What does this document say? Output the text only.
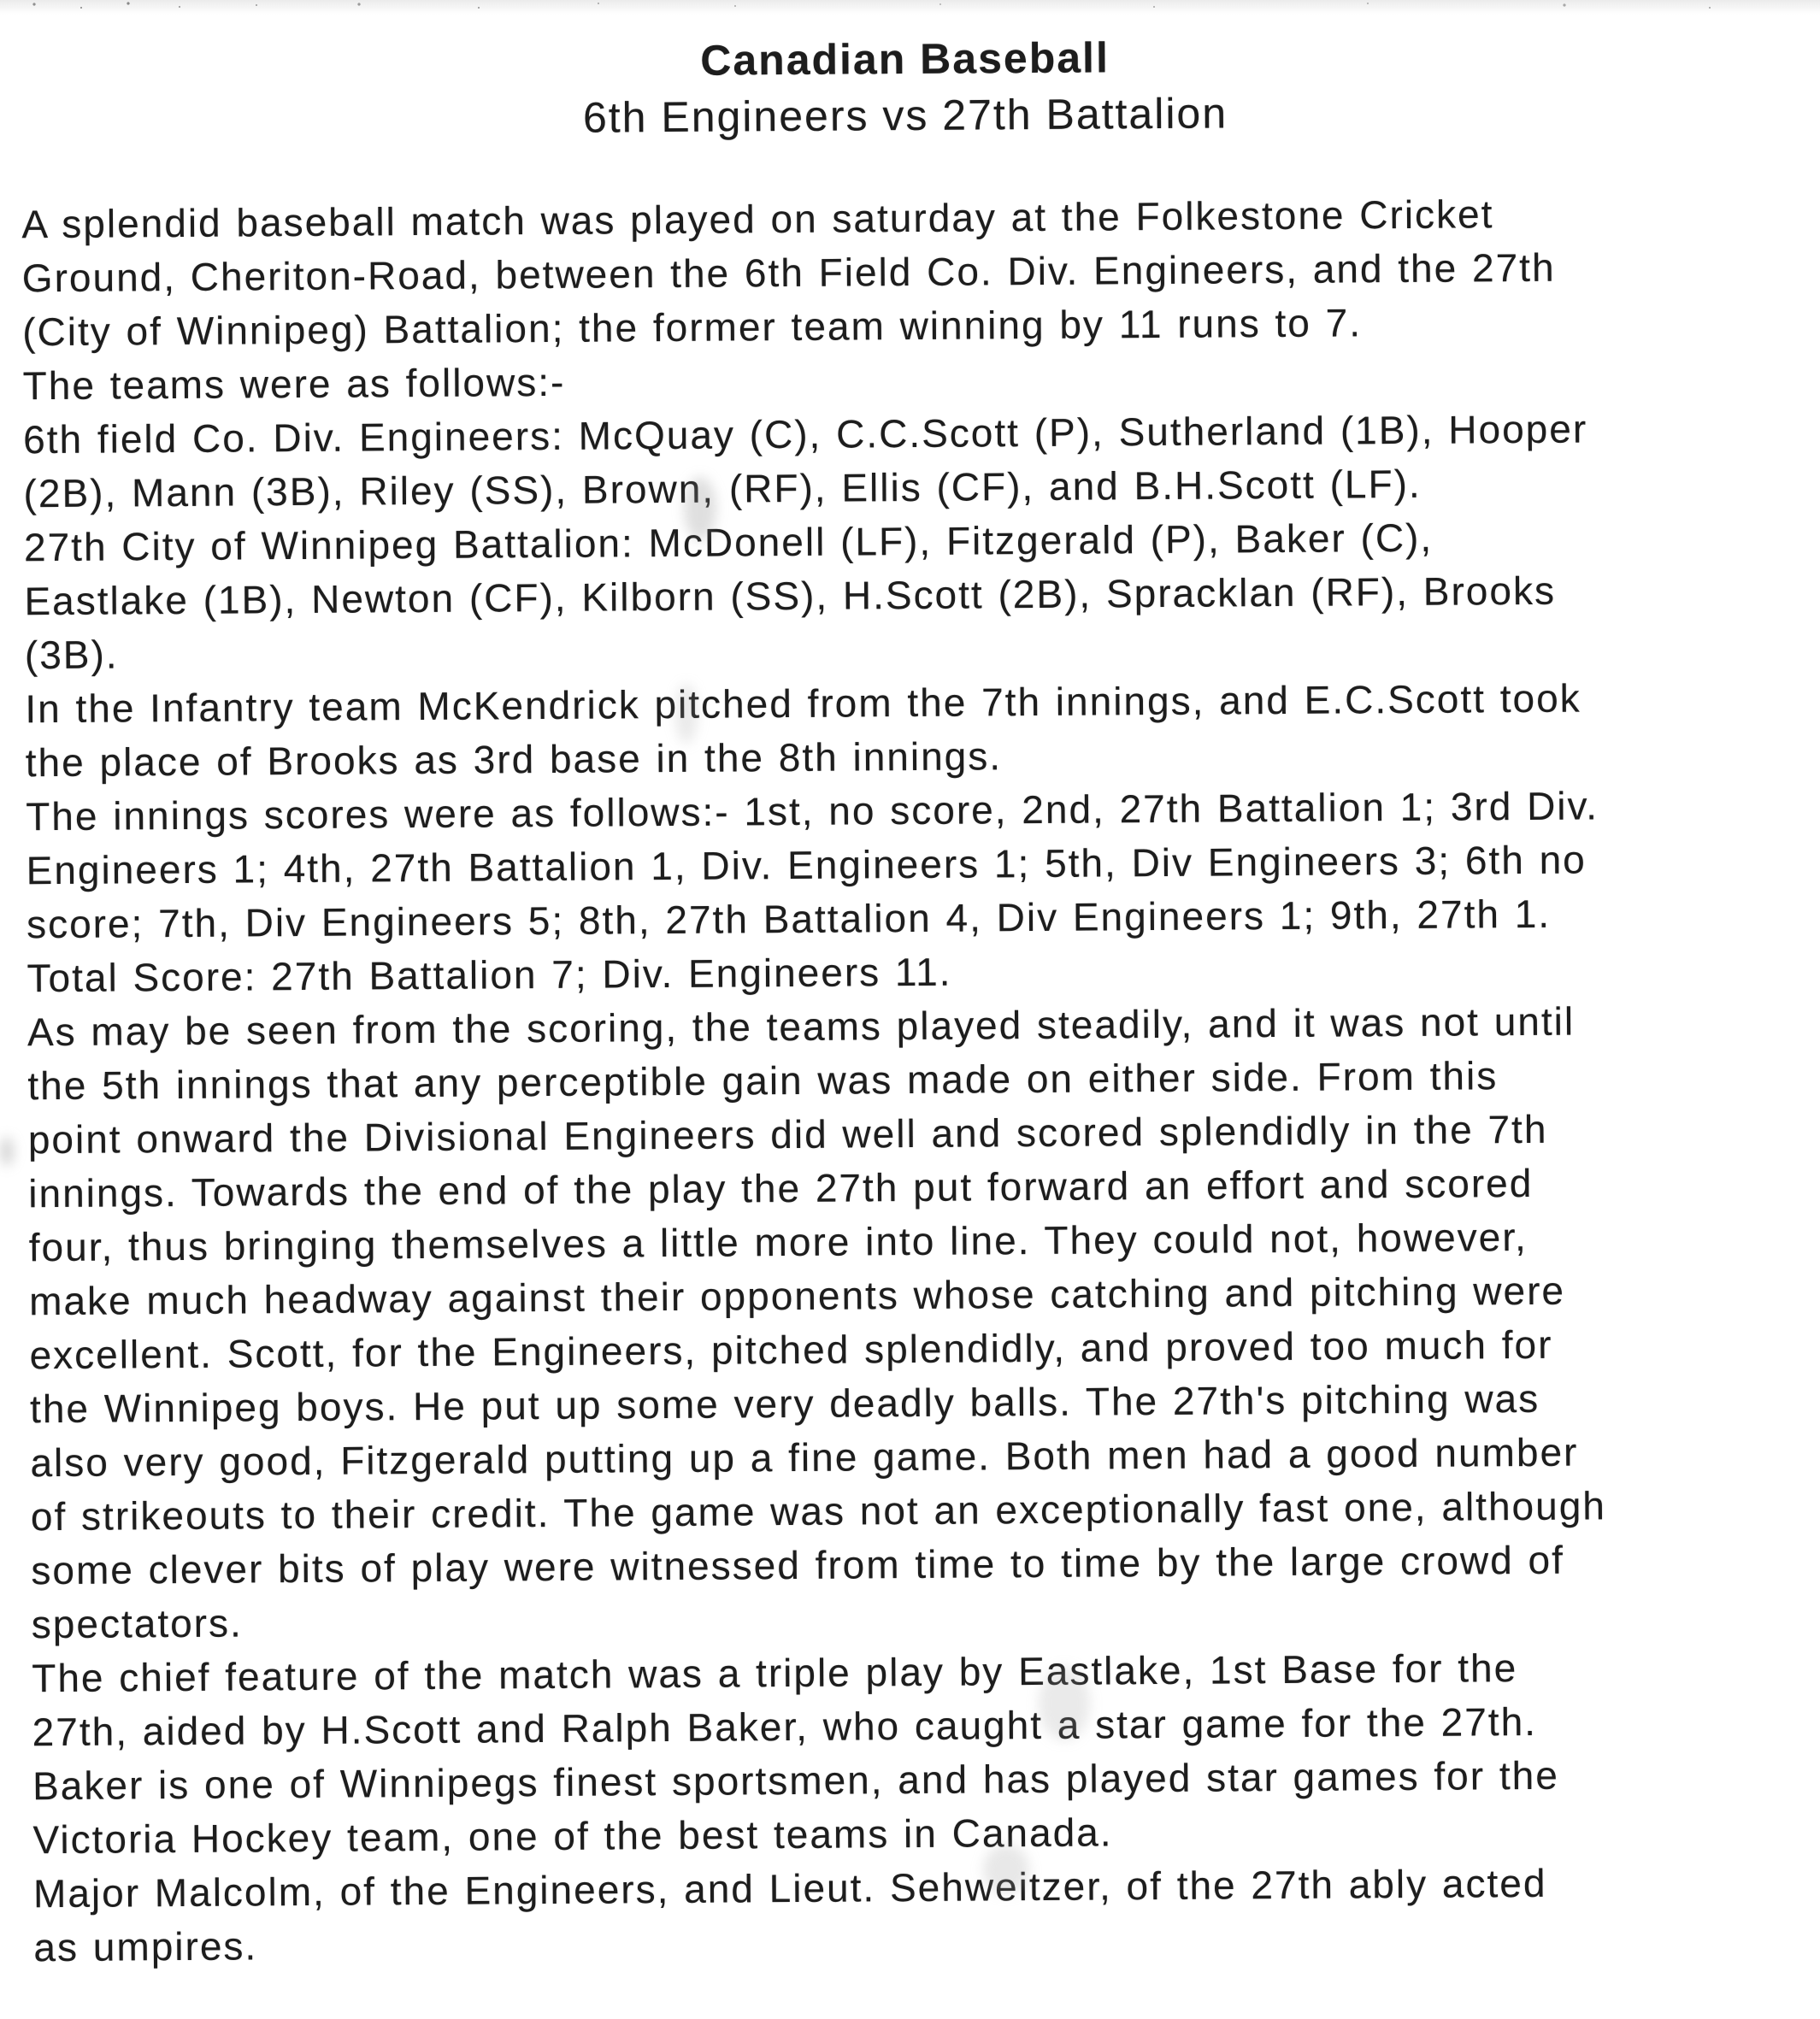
Canadian Baseball
6th Engineers vs 27th Battalion
A splendid baseball match was played on saturday at the Folkestone Cricket
Ground, Cheriton-Road, between the 6th Field Co. Div. Engineers, and the 27th
(City of Winnipeg) Battalion; the former team winning by 11 runs to 7.
The teams were as follows:-
6th field Co. Div. Engineers: McQuay (C), C.C.Scott (P), Sutherland (1B), Hooper
(2B), Mann (3B), Riley (SS), Brown, (RF), Ellis (CF), and B.H.Scott (LF).
27th City of Winnipeg Battalion: McDonell (LF), Fitzgerald (P), Baker (C),
Eastlake (1B), Newton (CF), Kilborn (SS), H.Scott (2B), Spracklan (RF), Brooks
(3B).
In the Infantry team McKendrick pitched from the 7th innings, and E.C.Scott took
the place of Brooks as 3rd base in the 8th innings.
The innings scores were as follows:- 1st, no score, 2nd, 27th Battalion 1; 3rd Div.
Engineers 1; 4th, 27th Battalion 1, Div. Engineers 1; 5th, Div Engineers 3; 6th no
score; 7th, Div Engineers 5; 8th, 27th Battalion 4, Div Engineers 1; 9th, 27th 1.
Total Score: 27th Battalion 7; Div. Engineers 11.
As may be seen from the scoring, the teams played steadily, and it was not until
the 5th innings that any perceptible gain was made on either side. From this
point onward the Divisional Engineers did well and scored splendidly in the 7th
innings. Towards the end of the play the 27th put forward an effort and scored
four, thus bringing themselves a little more into line. They could not, however,
make much headway against their opponents whose catching and pitching were
excellent. Scott, for the Engineers, pitched splendidly, and proved too much for
the Winnipeg boys. He put up some very deadly balls. The 27th's pitching was
also very good, Fitzgerald putting up a fine game. Both men had a good number
of strikeouts to their credit. The game was not an exceptionally fast one, although
some clever bits of play were witnessed from time to time by the large crowd of
spectators.
The chief feature of the match was a triple play by Eastlake, 1st Base for the
27th, aided by H.Scott and Ralph Baker, who caught a star game for the 27th.
Baker is one of Winnipegs finest sportsmen, and has played star games for the
Victoria Hockey team, one of the best teams in Canada.
Major Malcolm, of the Engineers, and Lieut. Sehweitzer, of the 27th ably acted
as umpires.
